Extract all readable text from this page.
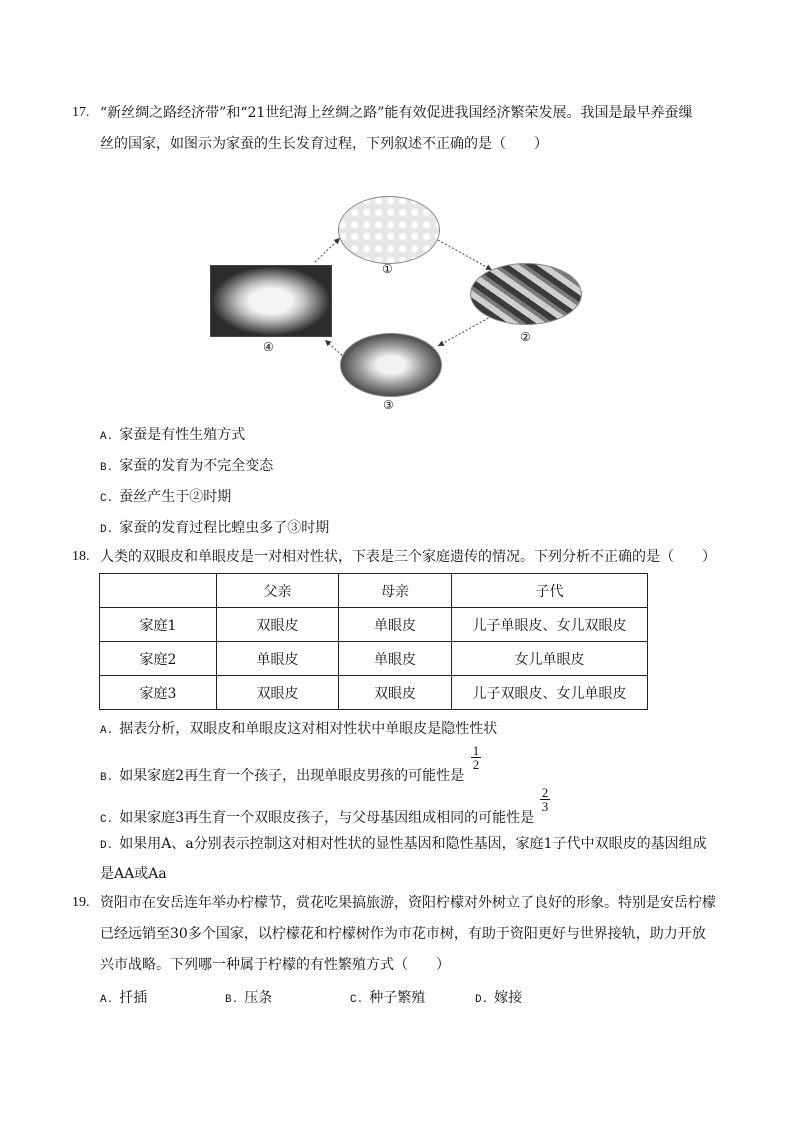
17. “新丝绸之路经济带”和“21世纪海上丝绸之路”能有效促进我国经济繁荣发展。我国是最早养蚕缫
丝的国家，如图示为家蚕的生长发育过程，下列叙述不正确的是（　　）
①
②
③
④
A. 家蚕是有性生殖方式
B. 家蚕的发育为不完全变态
C. 蚕丝产生于②时期
D. 家蚕的发育过程比蝗虫多了③时期
18. 人类的双眼皮和单眼皮是一对相对性状，下表是三个家庭遗传的情况。下列分析不正确的是（　　）
	父亲	母亲	子代
家庭1	双眼皮	单眼皮	儿子单眼皮、女儿双眼皮
家庭2	单眼皮	单眼皮	女儿单眼皮
家庭3	双眼皮	双眼皮	儿子双眼皮、女儿单眼皮
A. 据表分析，双眼皮和单眼皮这对相对性状中单眼皮是隐性性状
B. 如果家庭2再生育一个孩子，出现单眼皮男孩的可能性是
$\frac{1}{2}$
C. 如果家庭3再生育一个双眼皮孩子，与父母基因组成相同的可能性是
$\frac{2}{3}$
D. 如果用A、a分别表示控制这对相对性状的显性基因和隐性基因，家庭1子代中双眼皮的基因组成
是AA或Aa
19. 资阳市在安岳连年举办柠檬节，赏花吃果搞旅游，资阳柠檬对外树立了良好的形象。特别是安岳柠檬
已经远销至30多个国家，以柠檬花和柠檬树作为市花市树，有助于资阳更好与世界接轨，助力开放
兴市战略。下列哪一种属于柠檬的有性繁殖方式（　　）
A. 扦插	B. 压条	C. 种子繁殖	D. 嫁接
